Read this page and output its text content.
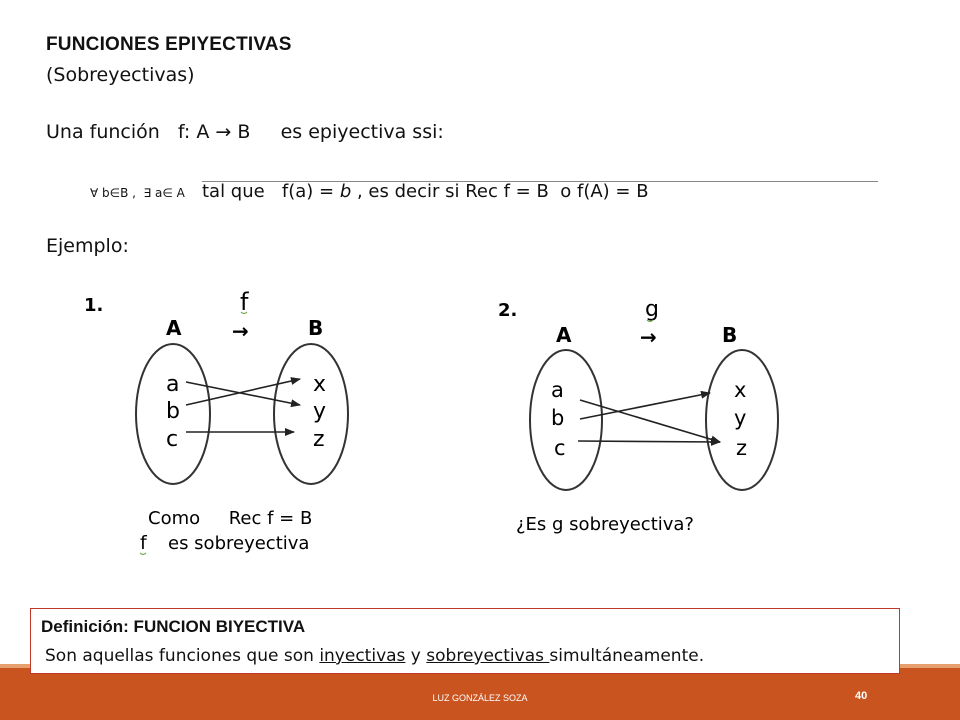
FUNCIONES EPIYECTIVAS
(Sobreyectivas)
Una función   f: A → B     es epiyectiva ssi:
∀ b∈B ,  ∃ a∈ A   tal que   f(a) = b , es decir si Rec f = B  o f(A) = B
Ejemplo:
1.	f
→
A	B
a
b
c
x
y
z
Como     Rec f = B
f es sobreyectiva
2.	g
→
A	B
a
b
c
x
y
z
¿Es g sobreyectiva?
LUZ GONZÁLEZ SOZA	40
Definición: FUNCION BIYECTIVA
Son aquellas funciones que son inyectivas y sobreyectivas simultáneamente.
